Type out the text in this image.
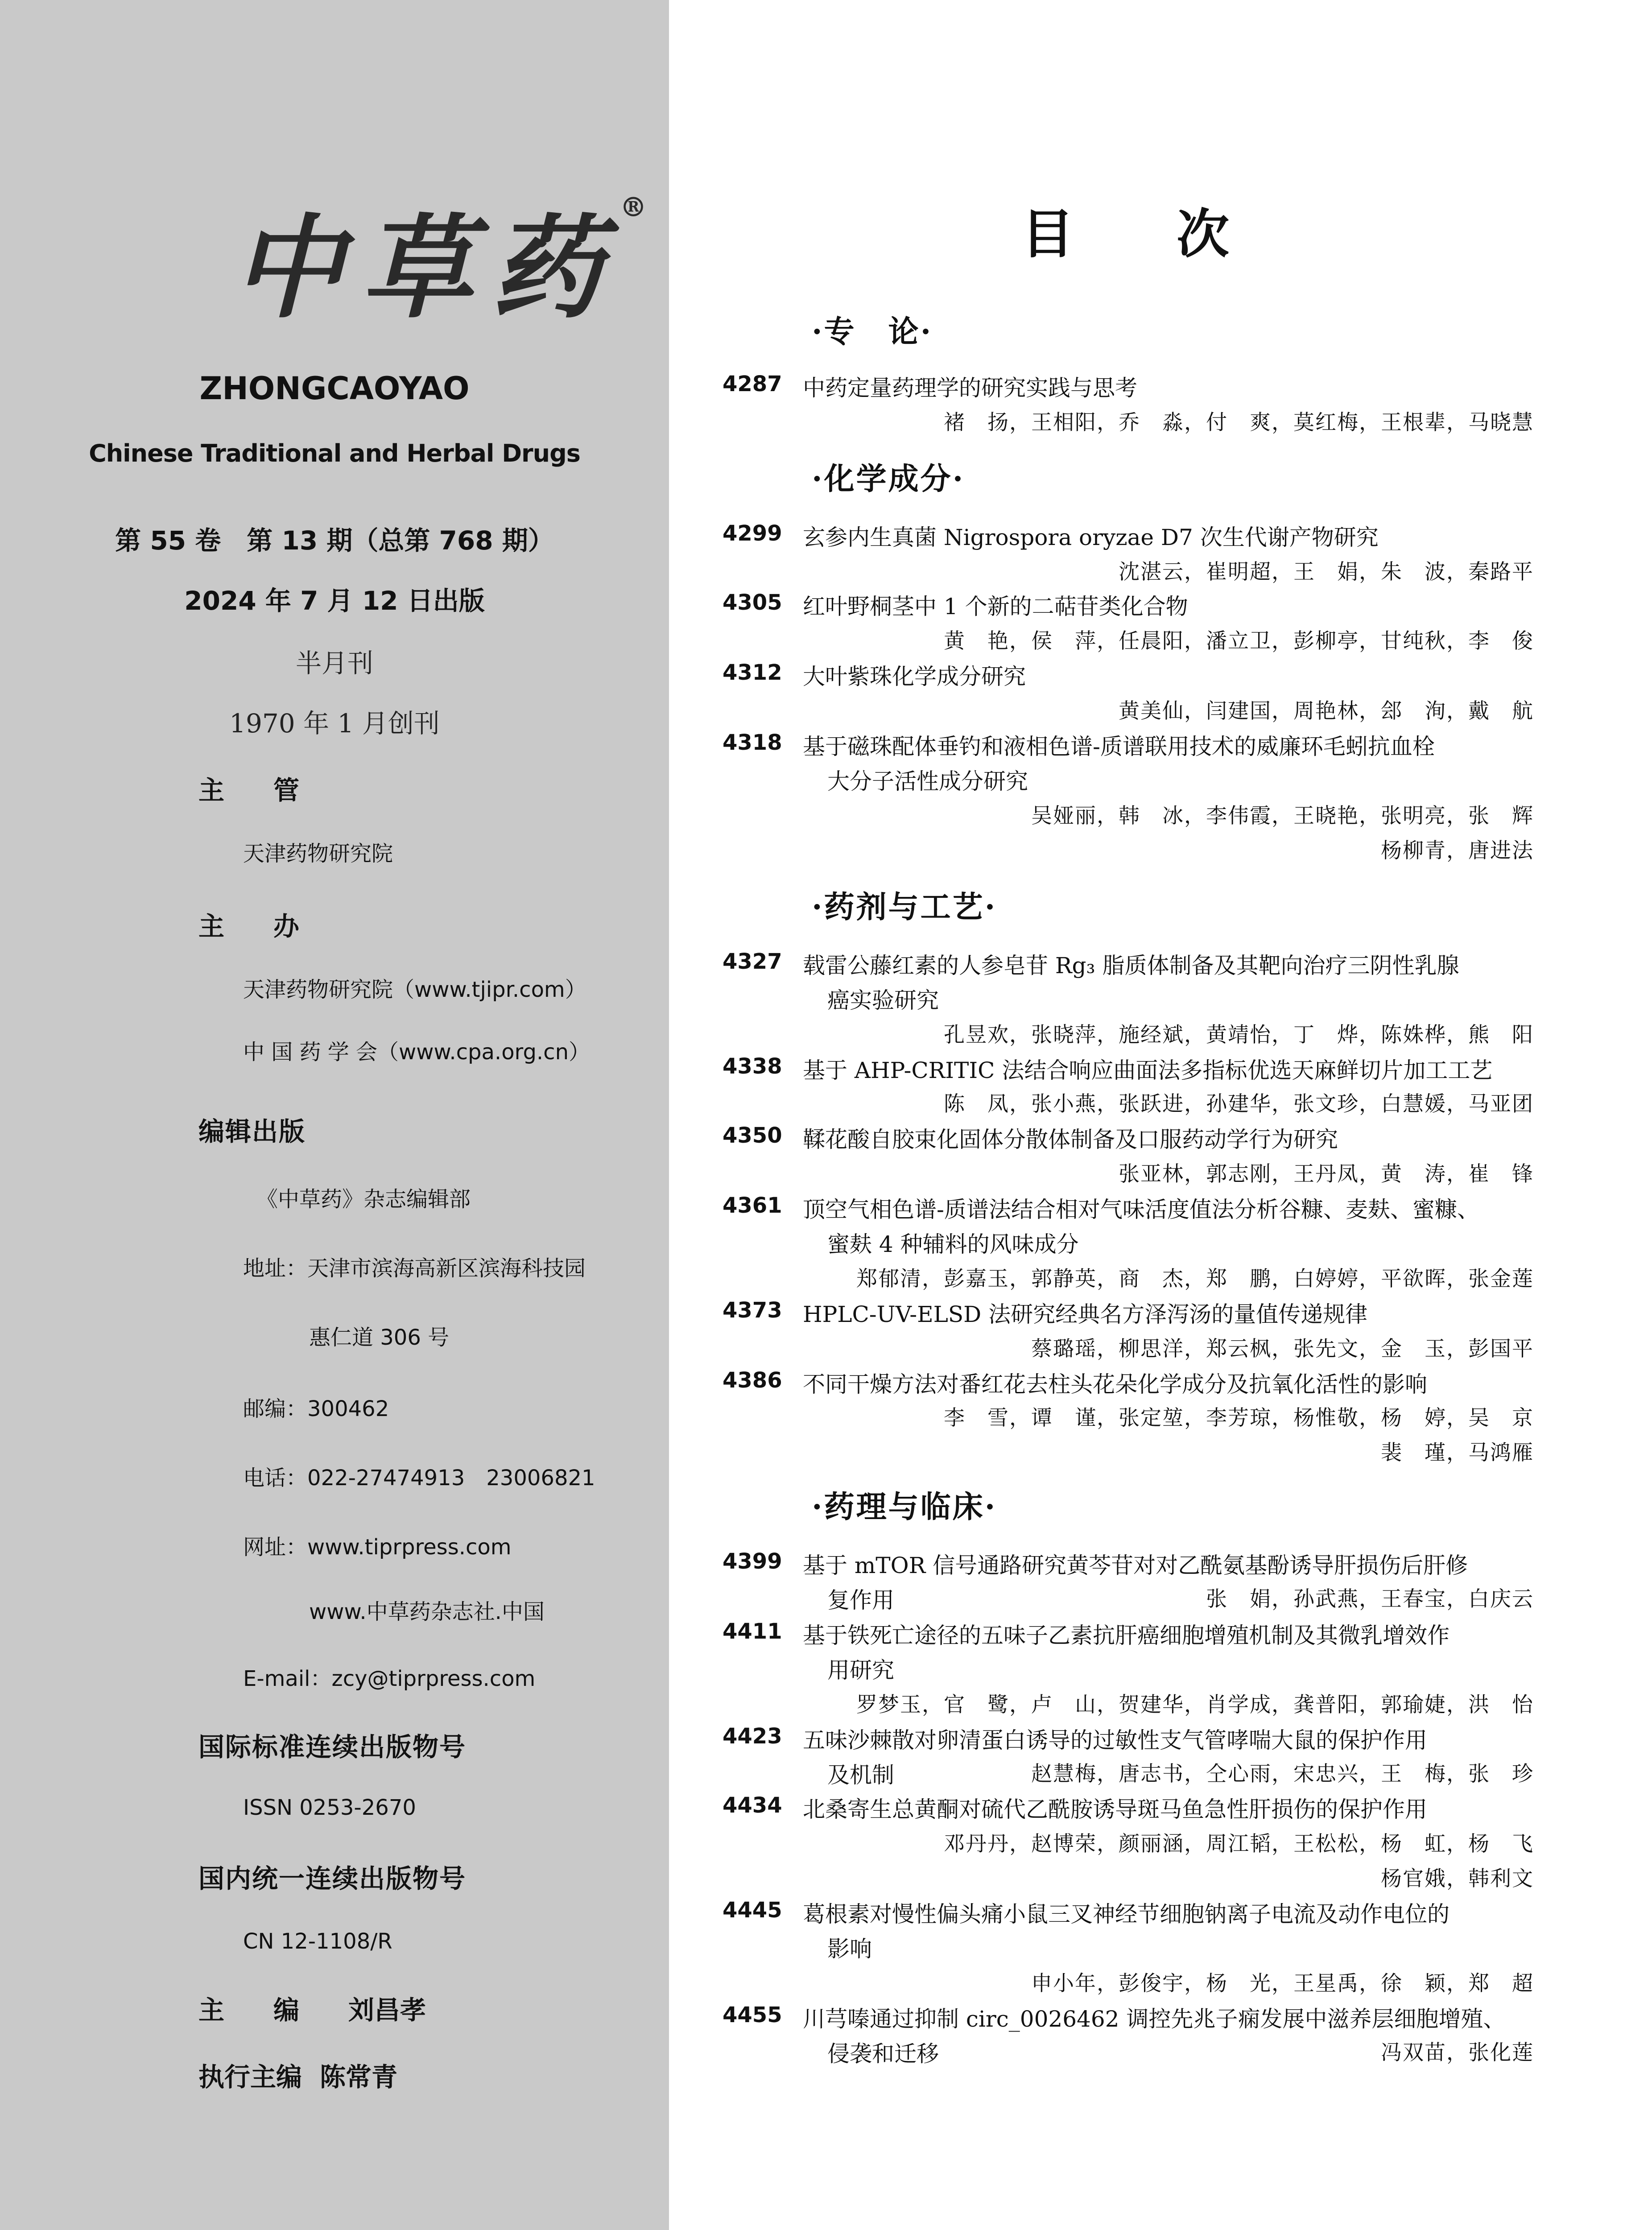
中草药®
ZHONGCAOYAO
Chinese Traditional and Herbal Drugs
第 55 卷　第 13 期（总第 768 期）
2024 年 7 月 12 日出版
半月刊
1970 年 1 月创刊
主管
天津药物研究院
主办
天津药物研究院（www.tjipr.com）
中 国 药 学 会（www.cpa.org.cn）
编辑出版
《中草药》杂志编辑部
地址：天津市滨海高新区滨海科技园
惠仁道 306 号
邮编：300462
电话：022-27474913　23006821
网址：www.tiprpress.com
www.中草药杂志社.中国
E-mail：zcy@tiprpress.com
国际标准连续出版物号
ISSN 0253-2670
国内统一连续出版物号
CN 12-1108/R
主编刘昌孝
执行主编 陈常青
目次
·专　论·
4287 中药定量药理学的研究实践与思考
褚　扬，王相阳，乔　淼，付　爽，莫红梅，王根辈，马晓慧
·化学成分·
4299 玄参内生真菌 Nigrospora oryzae D7 次生代谢产物研究
沈湛云，崔明超，王　娟，朱　波，秦路平
4305 红叶野桐茎中 1 个新的二萜苷类化合物
黄　艳，侯　萍，任晨阳，潘立卫，彭柳亭，甘纯秋，李　俊
4312 大叶紫珠化学成分研究
黄美仙，闫建国，周艳林，郐　洵，戴　航
4318 基于磁珠配体垂钓和液相色谱-质谱联用技术的威廉环毛蚓抗血栓
大分子活性成分研究
吴娅丽，韩　冰，李伟霞，王晓艳，张明亮，张　辉
杨柳青，唐进法
·药剂与工艺·
4327 载雷公藤红素的人参皂苷 Rg₃ 脂质体制备及其靶向治疗三阴性乳腺
癌实验研究
孔昱欢，张晓萍，施经斌，黄靖怡，丁　烨，陈姝桦，熊　阳
4338 基于 AHP-CRITIC 法结合响应曲面法多指标优选天麻鲜切片加工工艺
陈　凤，张小燕，张跃进，孙建华，张文珍，白慧媛，马亚团
4350 鞣花酸自胶束化固体分散体制备及口服药动学行为研究
张亚林，郭志刚，王丹凤，黄　涛，崔　锋
4361 顶空气相色谱-质谱法结合相对气味活度值法分析谷糠、麦麸、蜜糠、
蜜麸 4 种辅料的风味成分
郑郁清，彭嘉玉，郭静英，商　杰，郑　鹏，白婷婷，平欲晖，张金莲
4373 HPLC-UV-ELSD 法研究经典名方泽泻汤的量值传递规律
蔡璐瑶，柳思洋，郑云枫，张先文，金　玉，彭国平
4386 不同干燥方法对番红花去柱头花朵化学成分及抗氧化活性的影响
李　雪，谭　谨，张定堃，李芳琼，杨惟敬，杨　婷，吴　京
裴　瑾，马鸿雁
·药理与临床·
4399 基于 mTOR 信号通路研究黄芩苷对对乙酰氨基酚诱导肝损伤后肝修
复作用	张　娟，孙武燕，王春宝，白庆云
4411 基于铁死亡途径的五味子乙素抗肝癌细胞增殖机制及其微乳增效作
用研究
罗梦玉，官　鹭，卢　山，贺建华，肖学成，龚普阳，郭瑜婕，洪　怡
4423 五味沙棘散对卵清蛋白诱导的过敏性支气管哮喘大鼠的保护作用
及机制	赵慧梅，唐志书，仝心雨，宋忠兴，王　梅，张　珍
4434 北桑寄生总黄酮对硫代乙酰胺诱导斑马鱼急性肝损伤的保护作用
邓丹丹，赵博荣，颜丽涵，周江韬，王松松，杨　虹，杨　飞
杨官娥，韩利文
4445 葛根素对慢性偏头痛小鼠三叉神经节细胞钠离子电流及动作电位的
影响
申小年，彭俊宇，杨　光，王星禹，徐　颖，郑　超
4455 川芎嗪通过抑制 circ_0026462 调控先兆子痫发展中滋养层细胞增殖、
侵袭和迁移	冯双苗，张化莲
